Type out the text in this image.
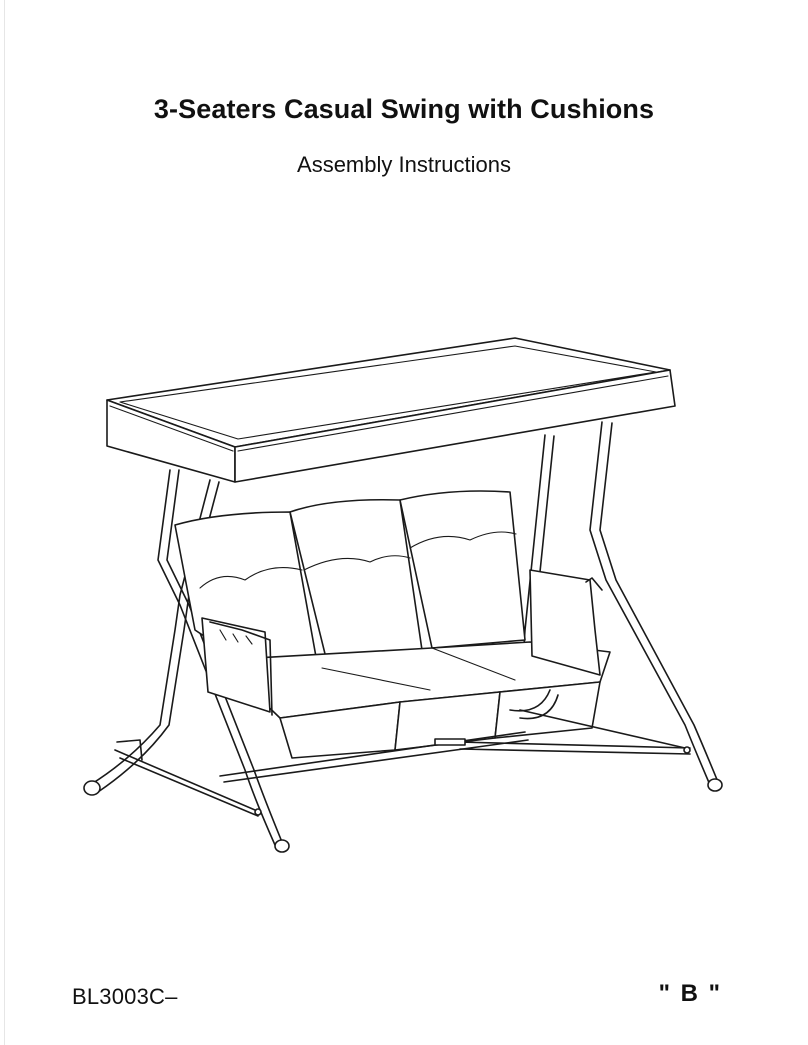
3-Seaters Casual Swing with Cushions
Assembly Instructions
BL3003C–	" B "
